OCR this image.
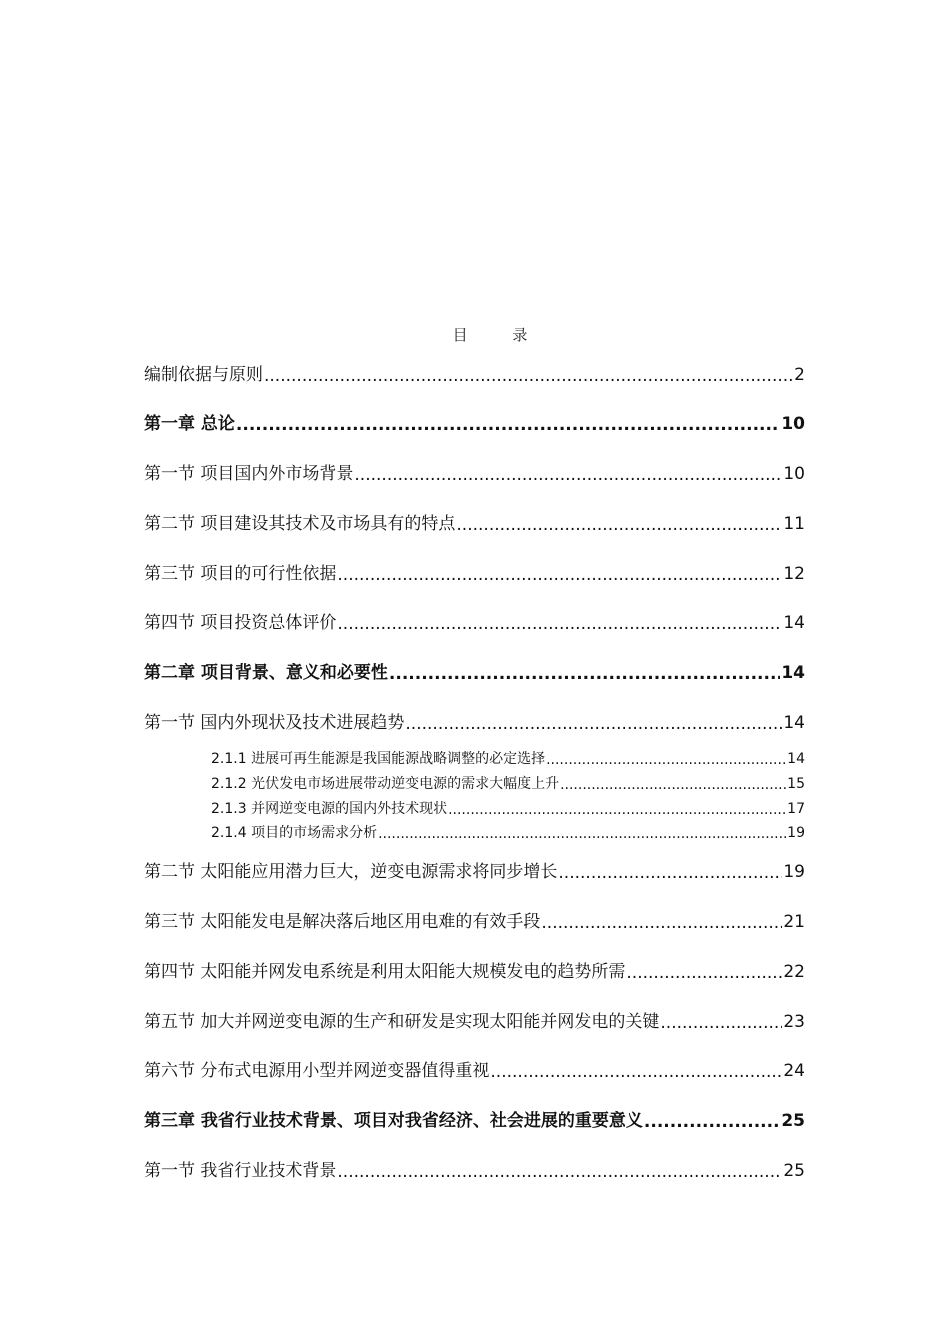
目 录
编制依据与原则 .....	2
第一章 总论 .....	10
第一节 项目国内外市场背景 .....	10
第二节 项目建设其技术及市场具有的特点 .....	11
第三节 项目的可行性依据 .....	12
第四节 项目投资总体评价 .....	14
第二章 项目背景、意义和必要性 .....	14
第一节 国内外现状及技术进展趋势 .....	14
2.1.1 进展可再生能源是我国能源战略调整的必定选择 .....	14
2.1.2 光伏发电市场进展带动逆变电源的需求大幅度上升 .....	15
2.1.3 并网逆变电源的国内外技术现状 .....	17
2.1.4 项目的市场需求分析 .....	19
第二节 太阳能应用潜力巨大，逆变电源需求将同步增长 .....	19
第三节 太阳能发电是解决落后地区用电难的有效手段 .....	21
第四节 太阳能并网发电系统是利用太阳能大规模发电的趋势所需 .....	22
第五节 加大并网逆变电源的生产和研发是实现太阳能并网发电的关键 .....	23
第六节 分布式电源用小型并网逆变器值得重视 .....	24
第三章 我省行业技术背景、项目对我省经济、社会进展的重要意义 .....	25
第一节 我省行业技术背景 .....	25
